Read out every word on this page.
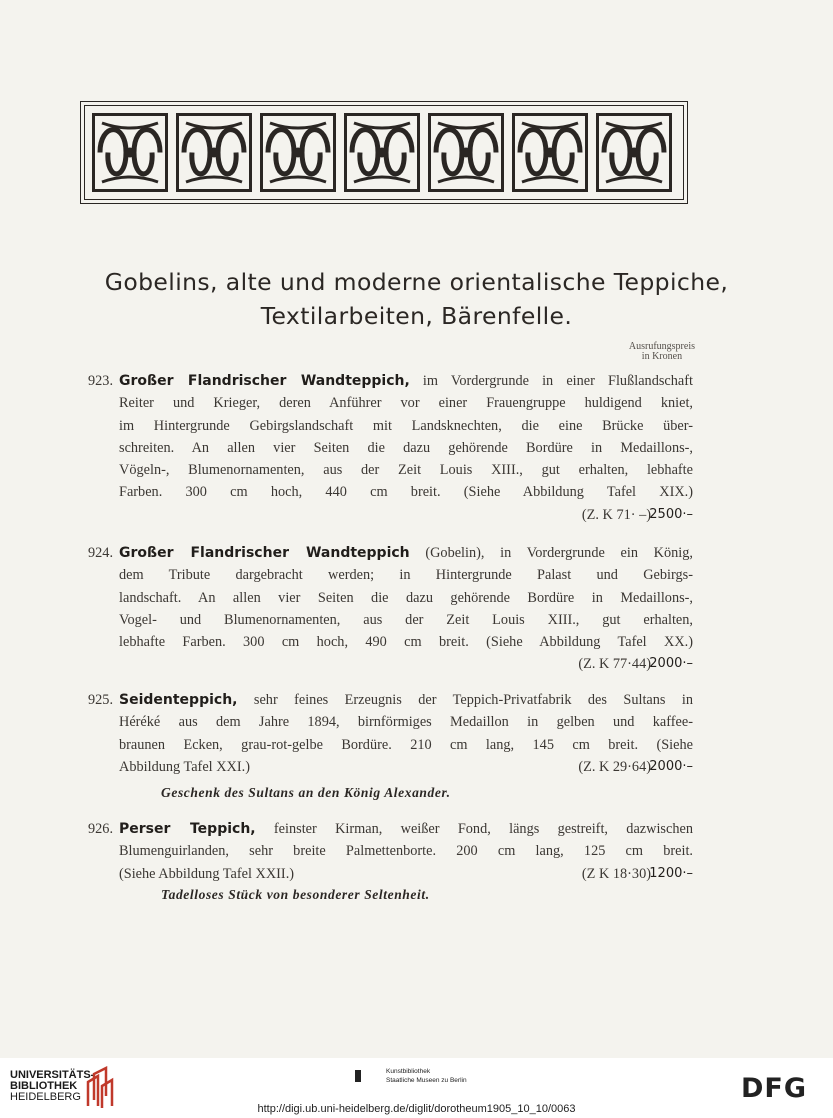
Gobelins, alte und moderne orientalische Teppiche,
Textilarbeiten, Bärenfelle.
Ausrufungspreis
in Kronen
923. Großer Flandrischer Wandteppich, im Vordergrunde in einer Flußlandschaft
Reiter und Krieger, deren Anführer vor einer Frauengruppe huldigend kniet,
im Hintergrunde Gebirgslandschaft mit Landsknechten, die eine Brücke über-
schreiten. An allen vier Seiten die dazu gehörende Bordüre in Medaillons-,
Vögeln-, Blumenornamenten, aus der Zeit Louis XIII., gut erhalten, lebhafte
Farben. 300 cm hoch, 440 cm breit. (Siehe Abbildung Tafel XIX.)
(Z. K 71· –)
2500·–
924. Großer Flandrischer Wandteppich (Gobelin), in Vordergrunde ein König,
dem Tribute dargebracht werden; in Hintergrunde Palast und Gebirgs-
landschaft. An allen vier Seiten die dazu gehörende Bordüre in Medaillons-,
Vogel- und Blumenornamenten, aus der Zeit Louis XIII., gut erhalten,
lebhafte Farben. 300 cm hoch, 490 cm breit. (Siehe Abbildung Tafel XX.)
(Z. K 77·44)
2000·–
925. Seidenteppich, sehr feines Erzeugnis der Teppich-Privatfabrik des Sultans in
Héréké aus dem Jahre 1894, birnförmiges Medaillon in gelben und kaffee-
braunen Ecken, grau-rot-gelbe Bordüre. 210 cm lang, 145 cm breit. (Siehe
Abbildung Tafel XXI.)	(Z. K 29·64)
2000·–
Geschenk des Sultans an den König Alexander.
926. Perser Teppich, feinster Kirman, weißer Fond, längs gestreift, dazwischen
Blumenguirlanden, sehr breite Palmettenborte. 200 cm lang, 125 cm breit.
(Siehe Abbildung Tafel XXII.)	(Z K 18·30)
1200·–
Tadelloses Stück von besonderer Seltenheit.
UNIVERSITÄTS-
BIBLIOTHEK
HEIDELBERG
Kunstbibliothek
Staatliche Museen zu Berlin	DFG
http://digi.ub.uni-heidelberg.de/diglit/dorotheum1905_10_10/0063
